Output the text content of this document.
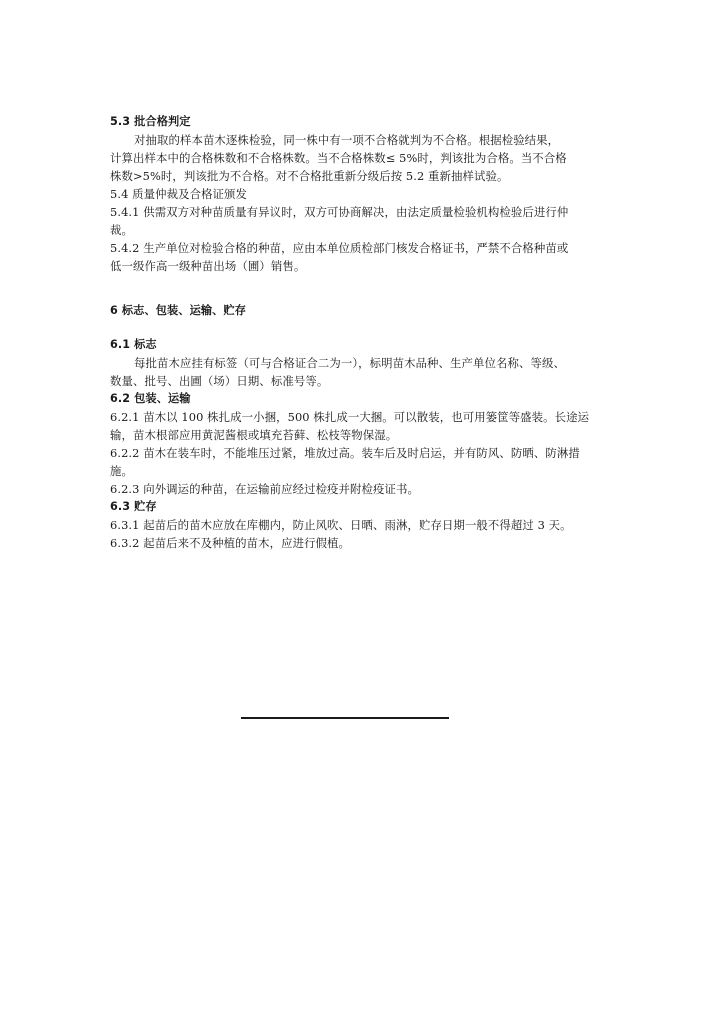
5.3 批合格判定
对抽取的样本苗木逐株检验，同一株中有一项不合格就判为不合格。根据检验结果，
计算出样本中的合格株数和不合格株数。当不合格株数≤ 5%时，判该批为合格。当不合格
株数>5%时，判该批为不合格。对不合格批重新分级后按 5.2 重新抽样试验。
5.4 质量仲裁及合格证颁发
5.4.1 供需双方对种苗质量有异议时，双方可协商解决，由法定质量检验机构检验后进行仲
裁。
5.4.2 生产单位对检验合格的种苗，应由本单位质检部门核发合格证书，严禁不合格种苗或
低一级作高一级种苗出场（圃）销售。
6 标志、包装、运输、贮存
6.1 标志
每批苗木应挂有标签（可与合格证合二为一），标明苗木品种、生产单位名称、等级、
数量、批号、出圃（场）日期、标准号等。
6.2 包装、运输
6.2.1 苗木以 100 株扎成一小捆，500 株扎成一大捆。可以散装，也可用篓筐等盛装。长途运
输，苗木根部应用黄泥酱根或填充苔藓、松枝等物保湿。
6.2.2 苗木在装车时，不能堆压过紧，堆放过高。装车后及时启运，并有防风、防晒、防淋措
施。
6.2.3 向外调运的种苗，在运输前应经过检疫并附检疫证书。
6.3 贮存
6.3.1 起苗后的苗木应放在库棚内，防止风吹、日晒、雨淋，贮存日期一般不得超过 3 天。
6.3.2 起苗后来不及种植的苗木，应进行假植。
